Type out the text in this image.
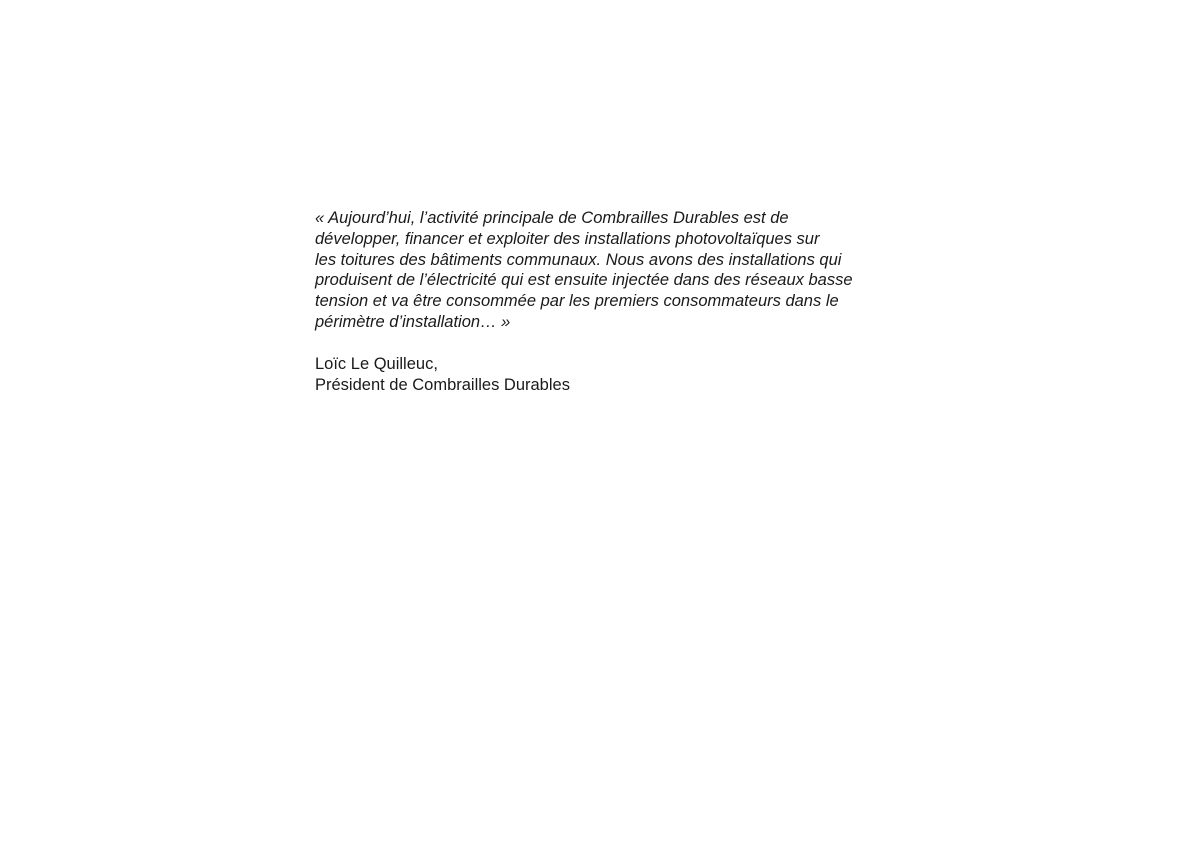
« Aujourd’hui, l’activité principale de Combrailles Durables est de
développer, financer et exploiter des installations photovoltaïques sur
les toitures des bâtiments communaux. Nous avons des installations qui
produisent de l’électricité qui est ensuite injectée dans des réseaux basse
tension et va être consommée par les premiers consommateurs dans le
périmètre d’installation… »
Loïc Le Quilleuc,
Président de Combrailles Durables
